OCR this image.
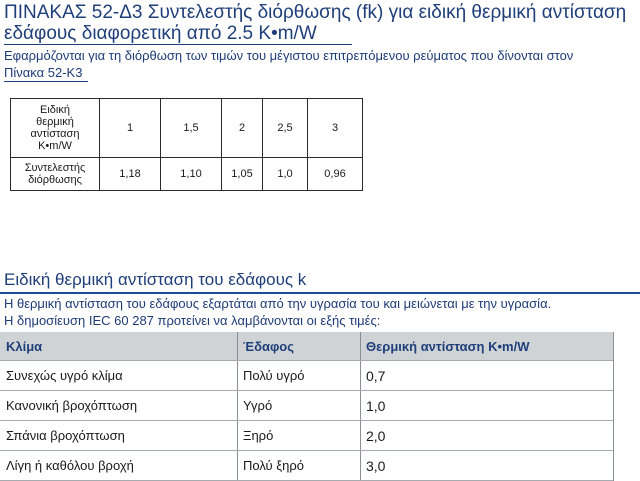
ΠΙΝΑΚΑΣ 52-Δ3 Συντελεστής διόρθωσης (fk) για ειδική θερμική αντίσταση
εδάφους διαφορετική από 2.5 K•m/W
Εφαρμόζονται για τη διόρθωση των τιμών του μέγιστου επιτρεπόμενου ρεύματος που δίνονται στον
Πίνακα 52-Κ3
Ειδική
θερμική
αντίσταση
K•m/W	1	1,5	2	2,5	3

Συντελεστής
διόρθωσης	1,18	1,10	1,05	1,0	0,96
Ειδική θερμική αντίσταση του εδάφους k
Η θερμική αντίσταση του εδάφους εξαρτάται από την υγρασία του και μειώνεται με την υγρασία.
Η δημοσίευση IEC 60 287 προτείνει να λαμβάνονται οι εξής τιμές:
Κλίμα	Έδαφος	Θερμική αντίσταση K•m/W
Συνεχώς υγρό κλίμα	Πολύ υγρό	0,7
Κανονική βροχόπτωση	Υγρό	1,0
Σπάνια βροχόπτωση	Ξηρό	2,0
Λίγη ή καθόλου βροχή	Πολύ ξηρό	3,0
